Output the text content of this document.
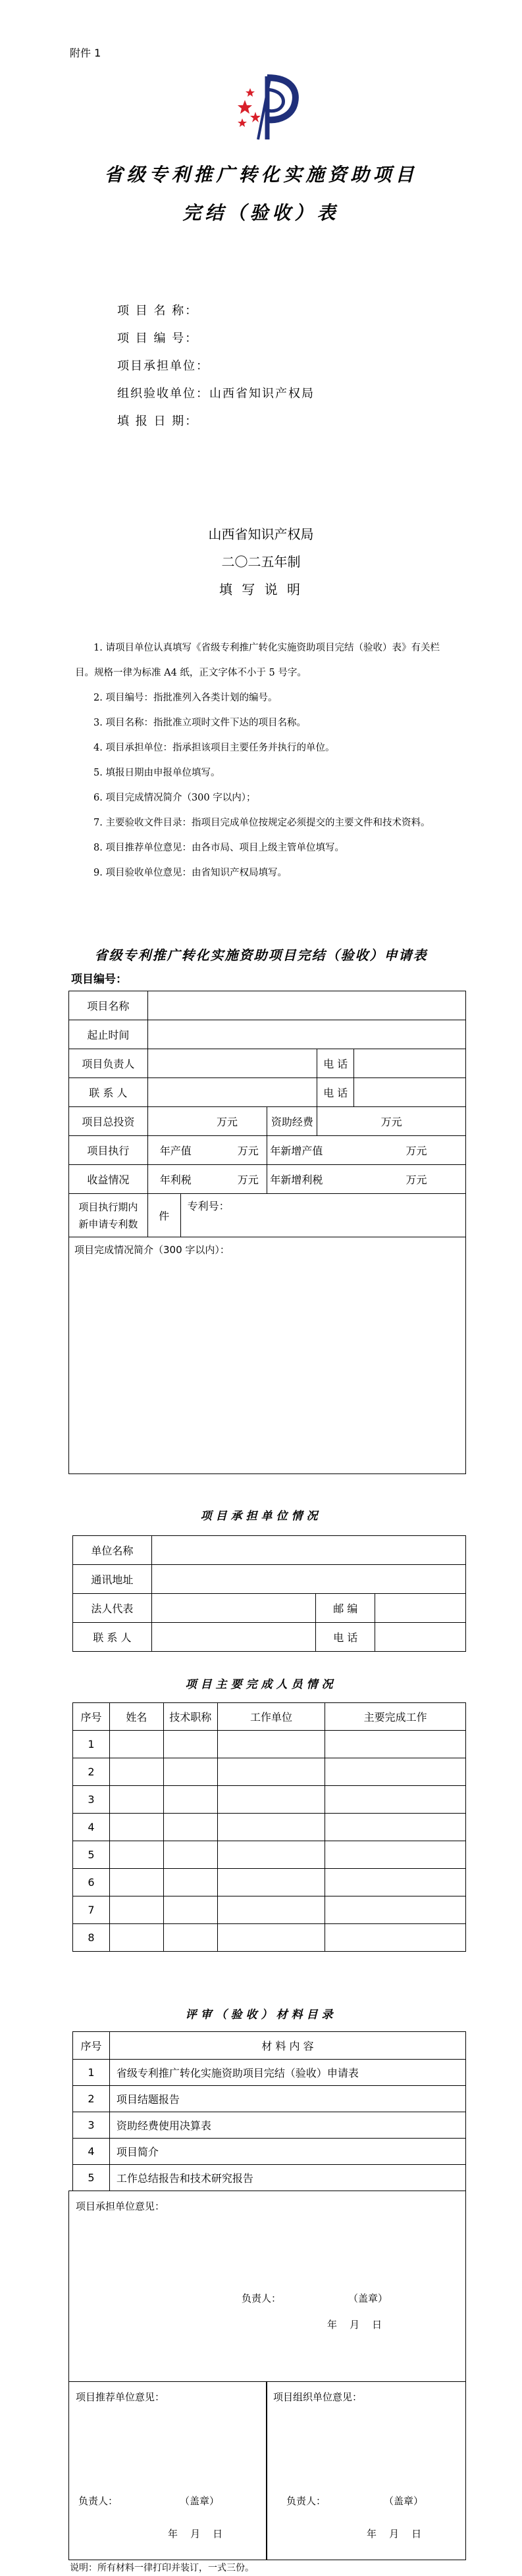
附件 1
省级专利推广转化实施资助项目
完结（验收）表
项 目 名 称：
项 目 编 号：
项目承担单位：
组织验收单位：山西省知识产权局
填 报 日 期：
山西省知识产权局
二〇二五年制
填 写 说 明

1. 请项目单位认真填写《省级专利推广转化实施资助项目完结（验收）表》有关栏目。规格一律为标准 A4 纸，正文字体不小于 5 号字。

2. 项目编号：指批准列入各类计划的编号。

3. 项目名称：指批准立项时文件下达的项目名称。

4. 项目承担单位：指承担该项目主要任务并执行的单位。

5. 填报日期由申报单位填写。

6. 项目完成情况简介（300 字以内）；

7. 主要验收文件目录：指项目完成单位按规定必须提交的主要文件和技术资料。

8. 项目推荐单位意见：由各市局、项目上级主管单位填写。

9. 项目验收单位意见：由省知识产权局填写。

省级专利推广转化实施资助项目完结（验收）申请表
项目编号：
项目名称					
起止时间					
项目负责人				电 话	
联 系 人				电 话	
项目总投资	万元		资助经费	万元	
项目执行	年产值 万元		年新增产值 万元		
收益情况	年利税 万元		年新增利税 万元		

项目执行期内
新申请专利数	件	专利号：			
项目完成情况简介（300 字以内）：					
项目承担单位情况
单位名称			
通讯地址			
法人代表		邮 编	
联 系 人		电 话	
项目主要完成人员情况
序号	姓名	技术职称	工作单位	主要完成工作
1				
2				
3				
4				
5				
6				
7				
8				
评审（验收）材料目录
序号	材 料 内 容
1	省级专利推广转化实施资助项目完结（验收）申请表
2	项目结题报告
3	资助经费使用决算表
4	项目简介
5	工作总结报告和技术研究报告
项目承担单位意见：
负责人：	（盖章）
年    月    日
项目推荐单位意见：
负责人：	（盖章）
年    月    日
项目组织单位意见：
负责人：	（盖章）
年    月    日
说明：所有材料一律打印并装订，一式三份。
